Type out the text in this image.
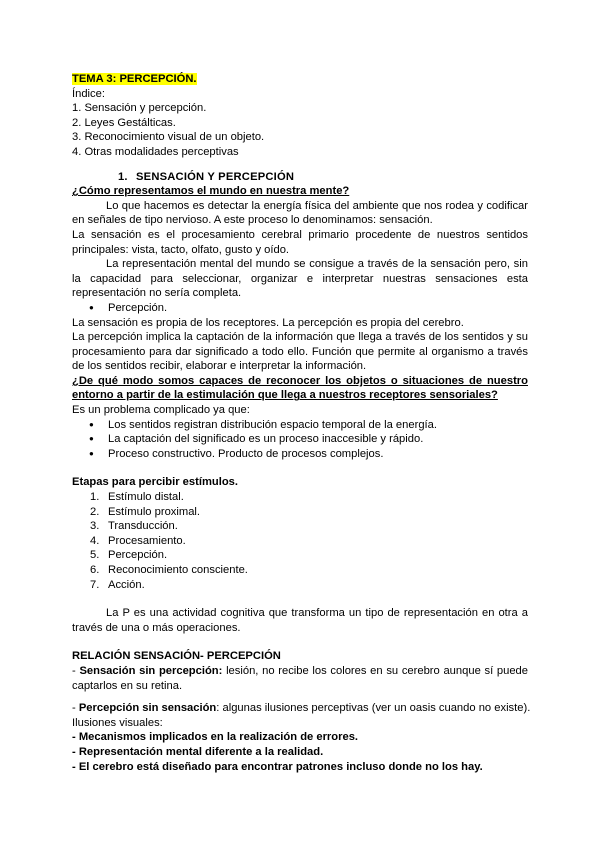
TEMA 3: PERCEPCIÓN.
Índice:
1. Sensación y percepción.
2. Leyes Gestálticas.
3. Reconocimiento visual de un objeto.
4. Otras modalidades perceptivas
1. SENSACIÓN Y PERCEPCIÓN
¿Cómo representamos el mundo en nuestra mente?
Lo que hacemos es detectar la energía física del ambiente que nos rodea y codificar en señales de tipo nervioso. A este proceso lo denominamos: sensación.
La sensación es el procesamiento cerebral primario procedente de nuestros sentidos principales: vista, tacto, olfato, gusto y oído.
La representación mental del mundo se consigue a través de la sensación pero, sin la capacidad para seleccionar, organizar e interpretar nuestras sensaciones esta representación no sería completa.
● Percepción.
La sensación es propia de los receptores. La percepción es propia del cerebro.
La percepción implica la captación de la información que llega a través de los sentidos y su procesamiento para dar significado a todo ello. Función que permite al organismo a través de los sentidos recibir, elaborar e interpretar la información.
¿De qué modo somos capaces de reconocer los objetos o situaciones de nuestro entorno a partir de la estimulación que llega a nuestros receptores sensoriales?
Es un problema complicado ya que:
● Los sentidos registran distribución espacio temporal de la energía.
● La captación del significado es un proceso inaccesible y rápido.
● Proceso constructivo. Producto de procesos complejos.
Etapas para percibir estímulos.
1. Estímulo distal.
2. Estímulo proximal.
3. Transducción.
4. Procesamiento.
5. Percepción.
6. Reconocimiento consciente.
7. Acción.
La P es una actividad cognitiva que transforma un tipo de representación en otra a través de una o más operaciones.
RELACIÓN SENSACIÓN- PERCEPCIÓN
- Sensación sin percepción: lesión, no recibe los colores en su cerebro aunque sí puede captarlos en su retina.
- Percepción sin sensación: algunas ilusiones perceptivas (ver un oasis cuando no existe).
Ilusiones visuales:
- Mecanismos implicados en la realización de errores.
- Representación mental diferente a la realidad.
- El cerebro está diseñado para encontrar patrones incluso donde no los hay.
